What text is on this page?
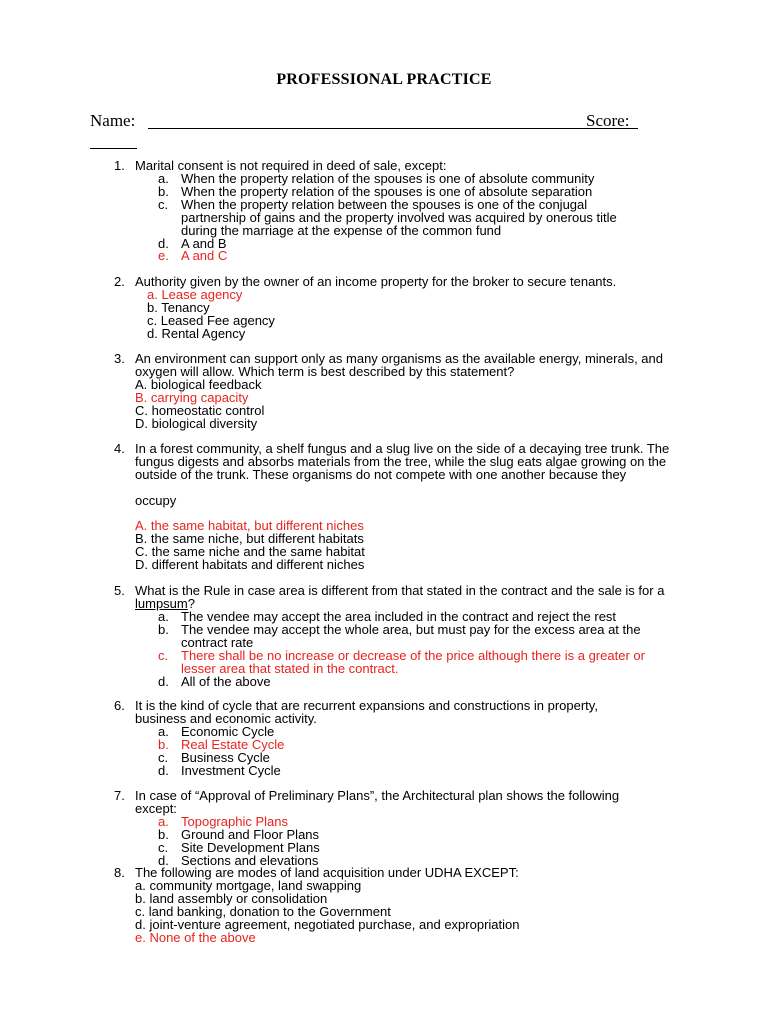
PROFESSIONAL PRACTICE
Name:	Score:
1. Marital consent is not required in deed of sale, except:
a. When the property relation of the spouses is one of absolute community
b. When the property relation of the spouses is one of absolute separation
c. When the property relation between the spouses is one of the conjugal partnership of gains and the property involved was acquired by onerous title during the marriage at the expense of the common fund
d. A and B
e. A and C
2. Authority given by the owner of an income property for the broker to secure tenants.
a. Lease agency
b. Tenancy
c. Leased Fee agency
d. Rental Agency
3. An environment can support only as many organisms as the available energy, minerals, and oxygen will allow. Which term is best described by this statement?
A. biological feedback
B. carrying capacity
C. homeostatic control
D. biological diversity
4. In a forest community, a shelf fungus and a slug live on the side of a decaying tree trunk. The fungus digests and absorbs materials from the tree, while the slug eats algae growing on the outside of the trunk. These organisms do not compete with one another because they
occupy
A. the same habitat, but different niches
B. the same niche, but different habitats
C. the same niche and the same habitat
D. different habitats and different niches
5. What is the Rule in case area is different from that stated in the contract and the sale is for a lumpsum?
a. The vendee may accept the area included in the contract and reject the rest
b. The vendee may accept the whole area, but must pay for the excess area at the contract rate
c. There shall be no increase or decrease of the price although there is a greater or lesser area that stated in the contract.
d. All of the above
6. It is the kind of cycle that are recurrent expansions and constructions in property, business and economic activity.
a. Economic Cycle
b. Real Estate Cycle
c. Business Cycle
d. Investment Cycle
7. In case of “Approval of Preliminary Plans”, the Architectural plan shows the following except:
a. Topographic Plans
b. Ground and Floor Plans
c. Site Development Plans
d. Sections and elevations
8. The following are modes of land acquisition under UDHA EXCEPT:
a. community mortgage, land swapping
b. land assembly or consolidation
c. land banking, donation to the Government
d. joint-venture agreement, negotiated purchase, and expropriation
e. None of the above
